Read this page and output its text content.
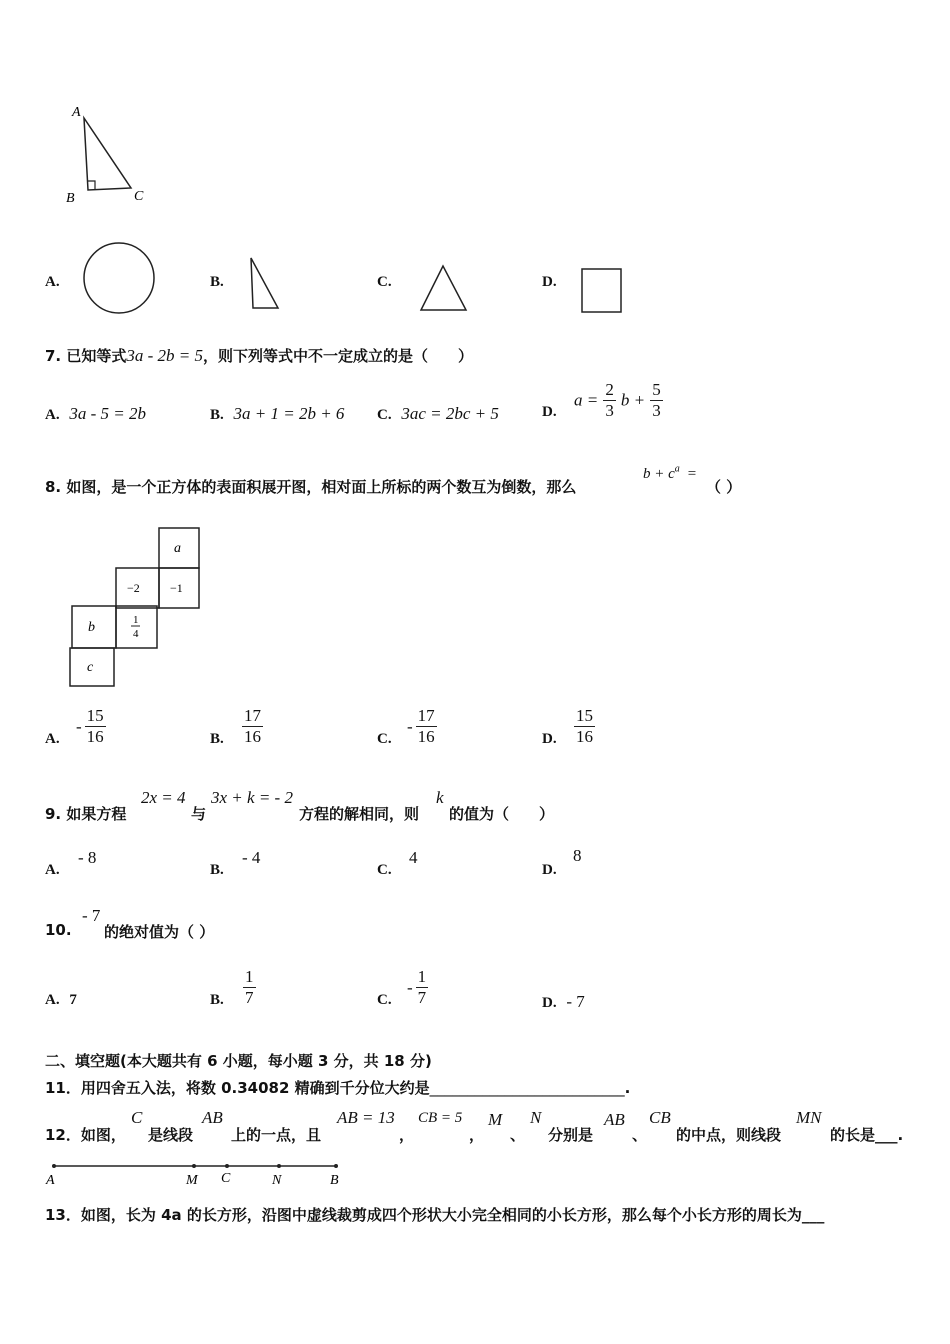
A
B	C
A.	B.	C.	D.
7. 已知等式3a - 2b = 5，则下列等式中不一定成立的是（　　）
A. 3a - 5 = 2b	B. 3a + 1 = 2b + 6 C. 3ac = 2bc + 5	D.
$a = \frac{2}{3}$ $b + \frac{5}{3}$
8. 如图，是一个正方体的表面积展开图，相对面上所标的两个数互为倒数，那么
$b + c^a$ =
（ ）
a
−2	−1
b	1
4
c
A.
- $\frac{15}{16}$	B. $\frac{17}{16}$	C.
- $\frac{17}{16}$	D. $\frac{15}{16}$
9. 如果方程
2x = 4
与
3x + k = - 2
方程的解相同，则
k
的值为（　　）
A.
- 8
B.
- 4
C.
4
D.
8
10.
- 7
的绝对值为（ ）
A. 7	B. $\frac{1}{7}$	C.
- $\frac{1}{7}$	D. - 7
二、填空题(本大题共有 6 小题，每小题 3 分，共 18 分)
11．用四舍五入法，将数 0.34082 精确到千分位大约是__________________________.
12．如图，
C
是线段
AB
上的一点，且
AB = 13
，
CB = 5
，
M
、
N
分别是
AB
、
CB
的中点，则线段
MN
的长是___.
A	M C	N	B
13．如图，长为 4a 的长方形，沿图中虚线裁剪成四个形状大小完全相同的小长方形，那么每个小长方形的周长为___
